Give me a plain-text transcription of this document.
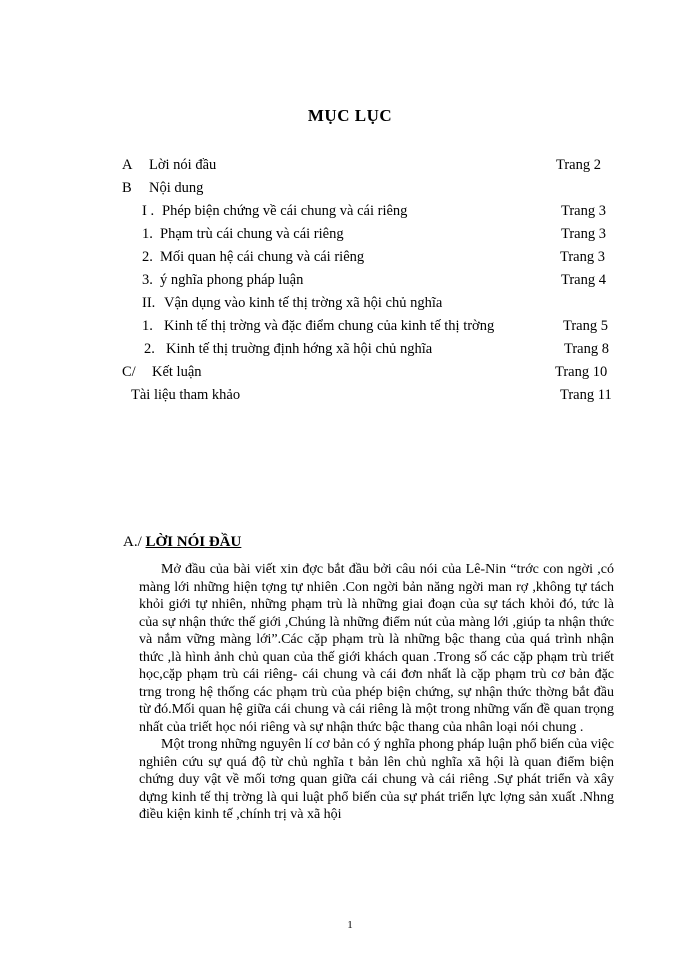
MỤC LỤC
A Lời nói đầu	Trang 2
B Nội dung
I . Phép biện chứng về cái chung và cái riêng	Trang 3
1. Phạm trù cái chung và cái riêng	Trang 3
2. Mối quan hệ cái chung và cái riêng	Trang 3
3. ý nghĩa phong pháp luận	Trang 4
II. Vận dụng vào kinh tế thị trờng xã hội chủ nghĩa
1. Kinh tế thị trờng và đặc điểm chung của kinh tế thị trờng	Trang 5
2. Kinh tế thị truờng định hớng xã hội chủ nghĩa	Trang 8
C/ Kết luận	Trang 10
Tài liệu tham khảo	Trang 11
A./ LỜI NÓI ĐẦU

Mở đầu của bài viết xin đợc bắt đầu bởi câu nói của Lê-Nin “trớc con ngời ,có màng lới những hiện tợng tự nhiên .Con ngời bản năng ngời man rợ ,không tự tách khỏi giới tự nhiên, những phạm trù là những giai đoạn của sự tách khỏi đó, tức là của sự nhận thức thế giới ,Chúng là những điểm nút của màng lới ,giúp ta nhận thức và nắm vững màng lới”.Các cặp phạm trù là những bậc thang của quá trình nhận thức ,là hình ảnh chủ quan của thế giới khách quan .Trong số các cặp phạm trù triết học,cặp phạm trù cái riêng- cái chung và cái đơn nhất là cặp phạm trù cơ bản đặc trng trong hệ thống các phạm trù của phép biện chứng, sự nhận thức thờng bắt đầu từ đó.Mối quan hệ giữa cái chung và cái riêng là một trong những vấn đề quan trọng nhất của triết học nói riêng và sự nhận thức bậc thang của nhân loại nói chung .

Một trong những nguyên lí cơ bản có ý nghĩa phong pháp luận phổ biến của việc nghiên cứu sự quá độ từ chủ nghĩa t bản lên chủ nghĩa xã hội là quan điểm biện chứng duy vật về mối tơng quan giữa cái chung và cái riêng .Sự phát triển và xây dựng kinh tế thị trờng là qui luật phổ biến của sự phát triển lực lợng sản xuất .Nhng điều kiện kinh tế ,chính trị và xã hội

1
